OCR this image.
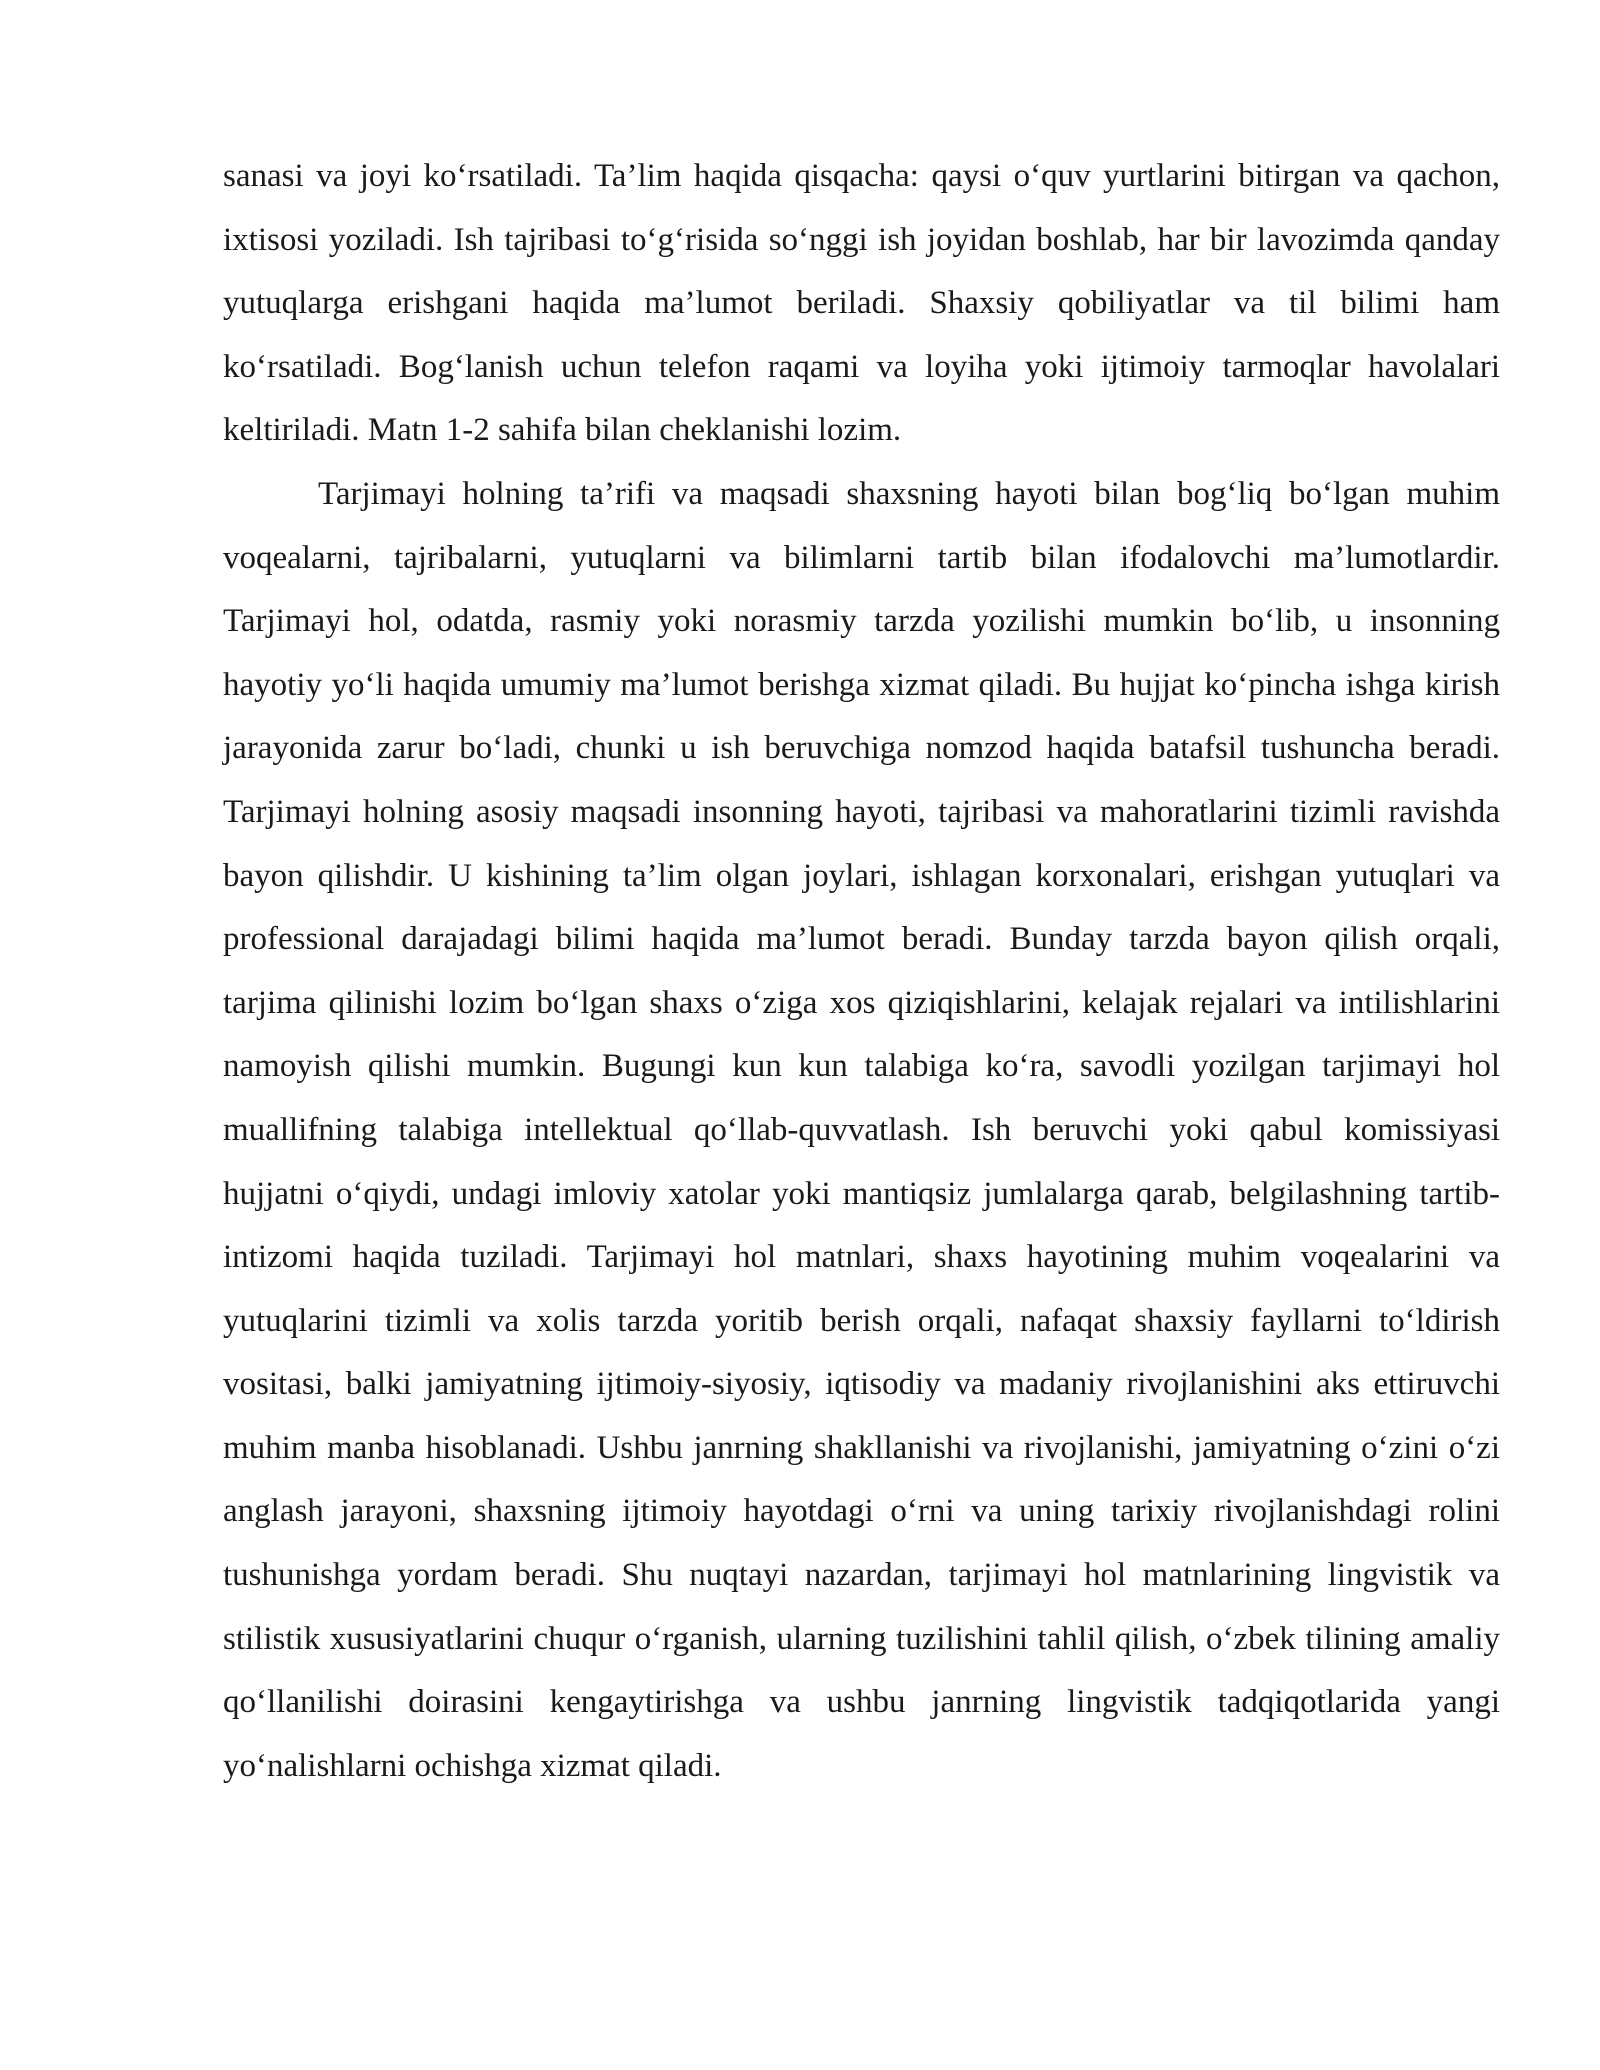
sanasi va joyi ko‘rsatiladi. Ta’lim haqida qisqacha: qaysi o‘quv yurtlarini bitirgan va qachon, ixtisosi yoziladi. Ish tajribasi to‘g‘risida so‘nggi ish joyidan boshlab, har bir lavozimda qanday yutuqlarga erishgani haqida ma’lumot beriladi. Shaxsiy qobiliyatlar va til bilimi ham ko‘rsatiladi. Bog‘lanish uchun telefon raqami va loyiha yoki ijtimoiy tarmoqlar havolalari keltiriladi. Matn 1-2 sahifa bilan cheklanishi lozim.

Tarjimayi holning ta’rifi va maqsadi shaxsning hayoti bilan bog‘liq bo‘lgan muhim voqealarni, tajribalarni, yutuqlarni va bilimlarni tartib bilan ifodalovchi ma’lumotlardir. Tarjimayi hol, odatda, rasmiy yoki norasmiy tarzda yozilishi mumkin bo‘lib, u insonning hayotiy yo‘li haqida umumiy ma’lumot berishga xizmat qiladi. Bu hujjat ko‘pincha ishga kirish jarayonida zarur bo‘ladi, chunki u ish beruvchiga nomzod haqida batafsil tushuncha beradi. Tarjimayi holning asosiy maqsadi insonning hayoti, tajribasi va mahoratlarini tizimli ravishda bayon qilishdir. U kishining ta’lim olgan joylari, ishlagan korxonalari, erishgan yutuqlari va professional darajadagi bilimi haqida ma’lumot beradi. Bunday tarzda bayon qilish orqali, tarjima qilinishi lozim bo‘lgan shaxs o‘ziga xos qiziqishlarini, kelajak rejalari va intilishlarini namoyish qilishi mumkin. Bugungi kun kun talabiga ko‘ra, savodli yozilgan tarjimayi hol muallifning talabiga intellektual qo‘llab-quvvatlash. Ish beruvchi yoki qabul komissiyasi hujjatni o‘qiydi, undagi imloviy xatolar yoki mantiqsiz jumlalarga qarab, belgilashning tartib-intizomi haqida tuziladi. Tarjimayi hol matnlari, shaxs hayotining muhim voqealarini va yutuqlarini tizimli va xolis tarzda yoritib berish orqali, nafaqat shaxsiy fayllarni to‘ldirish vositasi, balki jamiyatning ijtimoiy-siyosiy, iqtisodiy va madaniy rivojlanishini aks ettiruvchi muhim manba hisoblanadi. Ushbu janrning shakllanishi va rivojlanishi, jamiyatning o‘zini o‘zi anglash jarayoni, shaxsning ijtimoiy hayotdagi o‘rni va uning tarixiy rivojlanishdagi rolini tushunishga yordam beradi. Shu nuqtayi nazardan, tarjimayi hol matnlarining lingvistik va stilistik xususiyatlarini chuqur o‘rganish, ularning tuzilishini tahlil qilish, o‘zbek tilining amaliy qo‘llanilishi doirasini kengaytirishga va ushbu janrning lingvistik tadqiqotlarida yangi yo‘nalishlarni ochishga xizmat qiladi.
